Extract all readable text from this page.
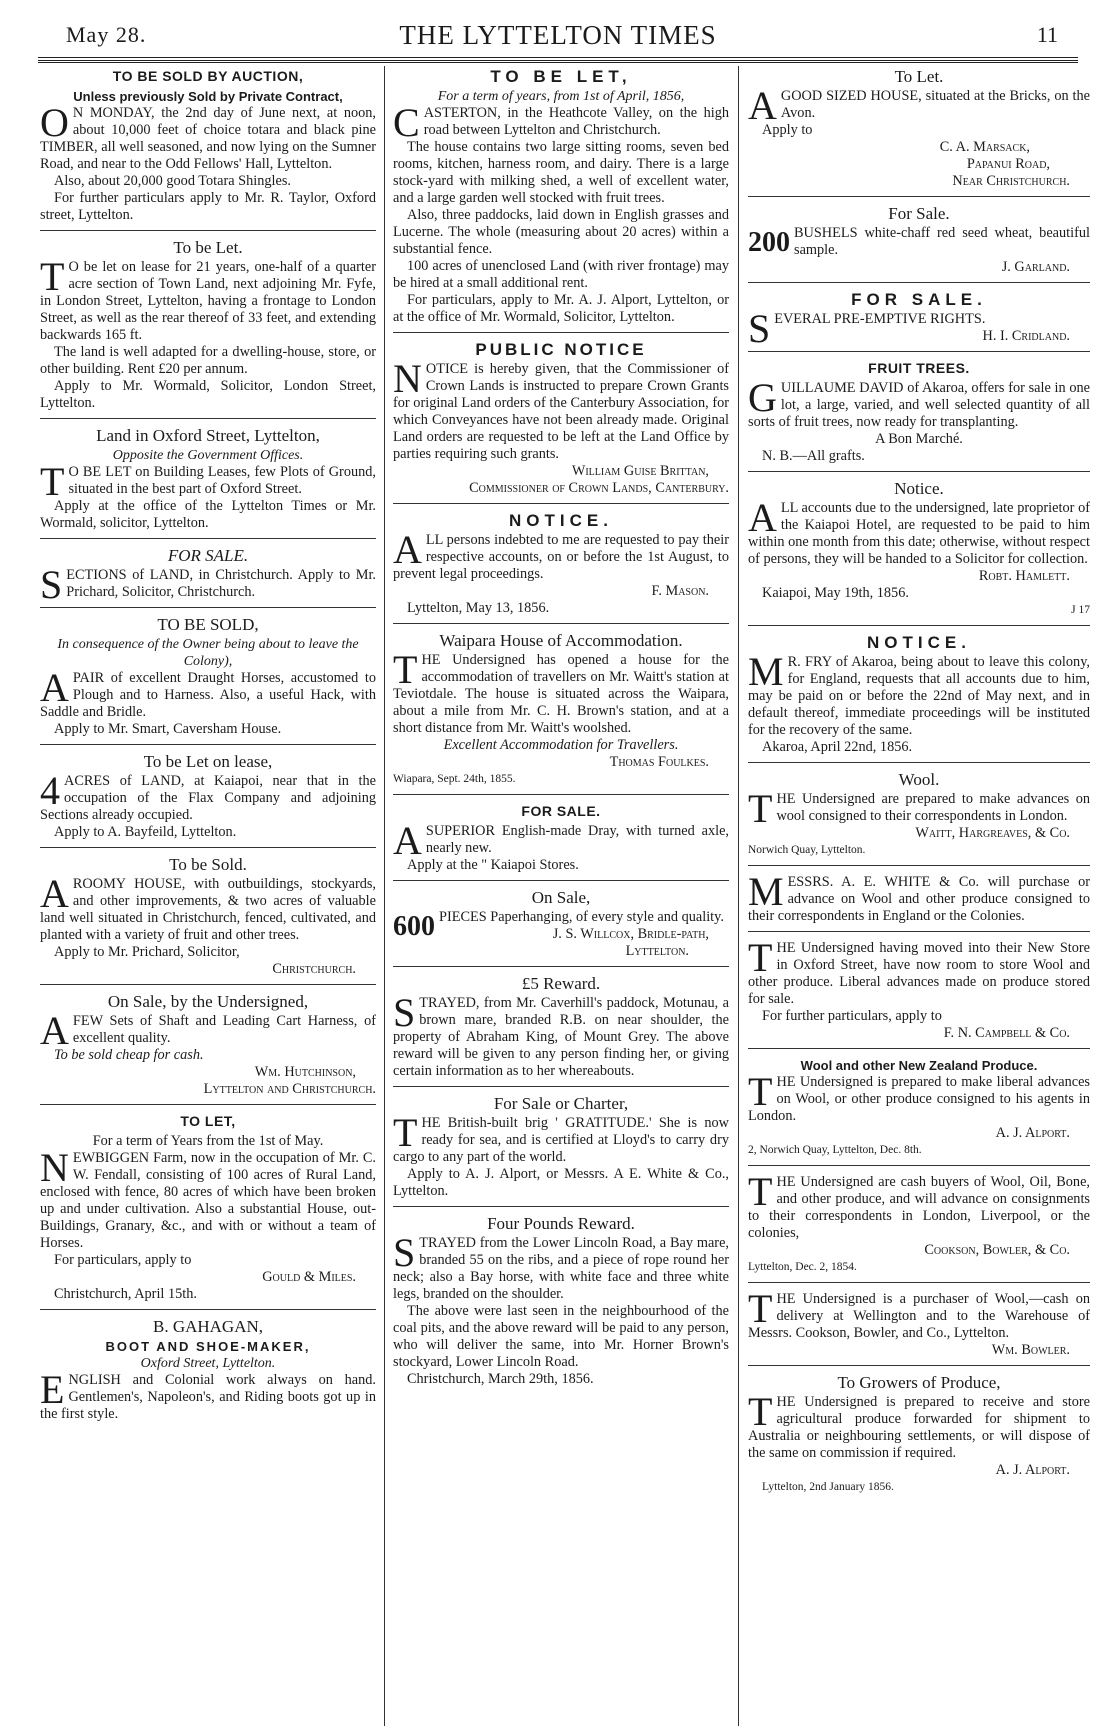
May 28.	THE LYTTELTON TIMES	11
TO BE SOLD BY AUCTION,
Unless previously Sold by Private Contract,

O N MONDAY, the 2nd day of June next, at noon, about 10,000 feet of choice totara and black pine TIMBER, all well seasoned, and now lying on the Sumner Road, and near to the Odd Fellows' Hall, Lyttelton.

Also, about 20,000 good Totara Shingles.

For further particulars apply to Mr. R. Taylor, Oxford street, Lyttelton.

To be Let.

T O be let on lease for 21 years, one-half of a quarter acre section of Town Land, next adjoining Mr. Fyfe, in London Street, Lyttelton, having a frontage to London Street, as well as the rear thereof of 33 feet, and extending backwards 165 ft.

The land is well adapted for a dwelling-house, store, or other building. Rent £20 per annum.

Apply to Mr. Wormald, Solicitor, London Street, Lyttelton.

Land in Oxford Street, Lyttelton,
Opposite the Government Offices.

T O BE LET on Building Leases, few Plots of Ground, situated in the best part of Oxford Street.

Apply at the office of the Lyttelton Times or Mr. Wormald, solicitor, Lyttelton.

FOR SALE.

SECTIONS of LAND, in Christchurch. Apply to Mr. Prichard, Solicitor, Christchurch.

TO BE SOLD,
In consequence of the Owner being about to leave the Colony),

APAIR of excellent Draught Horses, accustomed to Plough and to Harness. Also, a useful Hack, with Saddle and Bridle.

Apply to Mr. Smart, Caversham House.

To be Let on lease,

4 ACRES of LAND, at Kaiapoi, near that in the occupation of the Flax Company and adjoining Sections already occupied.

Apply to A. Bayfeild, Lyttelton.

To be Sold.

AROOMY HOUSE, with outbuildings, stockyards, and other improvements, & two acres of valuable land well situated in Christchurch, fenced, cultivated, and planted with a variety of fruit and other trees.

Apply to Mr. Prichard, Solicitor,

Christchurch.

On Sale, by the Undersigned,

AFEW Sets of Shaft and Leading Cart Harness, of excellent quality.

To be sold cheap for cash.

Wm. Hutchinson,

Lyttelton and Christchurch.

TO LET,
For a term of Years from the 1st of May.

NEWBIGGEN Farm, now in the occupation of Mr. C. W. Fendall, consisting of 100 acres of Rural Land, enclosed with fence, 80 acres of which have been broken up and under cultivation. Also a substantial House, out-Buildings, Granary, &c., and with or without a team of Horses.

For particulars, apply to

Gould & Miles.

Christchurch, April 15th.

B. GAHAGAN,
BOOT AND SHOE-MAKER,
Oxford Street, Lyttelton.

ENGLISH and Colonial work always on hand. Gentlemen's, Napoleon's, and Riding boots got up in the first style.

TO BE LET,
For a term of years, from 1st of April, 1856,

CASTERTON, in the Heathcote Valley, on the high road between Lyttelton and Christchurch.

The house contains two large sitting rooms, seven bed rooms, kitchen, harness room, and dairy. There is a large stock-yard with milking shed, a well of excellent water, and a large garden well stocked with fruit trees.

Also, three paddocks, laid down in English grasses and Lucerne. The whole (measuring about 20 acres) within a substantial fence.

100 acres of unenclosed Land (with river frontage) may be hired at a small additional rent.

For particulars, apply to Mr. A. J. Alport, Lyttelton, or at the office of Mr. Wormald, Solicitor, Lyttelton.

PUBLIC NOTICE

NOTICE is hereby given, that the Commissioner of Crown Lands is instructed to prepare Crown Grants for original Land orders of the Canterbury Association, for which Conveyances have not been already made. Original Land orders are requested to be left at the Land Office by parties requiring such grants.

William Guise Brittan,

Commissioner of Crown Lands, Canterbury.

NOTICE.

ALL persons indebted to me are requested to pay their respective accounts, on or before the 1st August, to prevent legal proceedings.

F. Mason.

Lyttelton, May 13, 1856.

Waipara House of Accommodation.

THE Undersigned has opened a house for the accommodation of travellers on Mr. Waitt's station at Teviotdale. The house is situated across the Waipara, about a mile from Mr. C. H. Brown's station, and at a short distance from Mr. Waitt's woolshed.

Excellent Accommodation for Travellers.

Thomas Foulkes.

Wiapara, Sept. 24th, 1855.

FOR SALE.

ASUPERIOR English-made Dray, with turned axle, nearly new.

Apply at the " Kaiapoi Stores.

On Sale,

600 PIECES Paperhanging, of every style and quality.

J. S. Willcox, Bridle-path,

Lyttelton.

£5 Reward.

STRAYED, from Mr. Caverhill's paddock, Motunau, a brown mare, branded R.B. on near shoulder, the property of Abraham King, of Mount Grey. The above reward will be given to any person finding her, or giving certain information as to her whereabouts.

For Sale or Charter,

THE British-built brig ' GRATITUDE.' She is now ready for sea, and is certified at Lloyd's to carry dry cargo to any part of the world.

Apply to A. J. Alport, or Messrs. A E. White & Co., Lyttelton.

Four Pounds Reward.

STRAYED from the Lower Lincoln Road, a Bay mare, branded 55 on the ribs, and a piece of rope round her neck; also a Bay horse, with white face and three white legs, branded on the shoulder.

The above were last seen in the neighbourhood of the coal pits, and the above reward will be paid to any person, who will deliver the same, into Mr. Horner Brown's stockyard, Lower Lincoln Road.

Christchurch, March 29th, 1856.

To Let.

AGOOD SIZED HOUSE, situated at the Bricks, on the Avon.

Apply to

C. A. Marsack,

Papanui Road,

Near Christchurch.

For Sale.

200 BUSHELS white-chaff red seed wheat, beautiful sample.

J. Garland.

FOR SALE.

SEVERAL PRE-EMPTIVE RIGHTS.

H. I. Cridland.

FRUIT TREES.

GUILLAUME DAVID of Akaroa, offers for sale in one lot, a large, varied, and well selected quantity of all sorts of fruit trees, now ready for transplanting.

A Bon Marché.

N. B.—All grafts.

Notice.

ALL accounts due to the undersigned, late proprietor of the Kaiapoi Hotel, are requested to be paid to him within one month from this date; otherwise, without respect of persons, they will be handed to a Solicitor for collection.

Robt. Hamlett.

Kaiapoi, May 19th, 1856.

J 17

NOTICE.

M R. FRY of Akaroa, being about to leave this colony, for England, requests that all accounts due to him, may be paid on or before the 22nd of May next, and in default thereof, immediate proceedings will be instituted for the recovery of the same.

Akaroa, April 22nd, 1856.

Wool.

THE Undersigned are prepared to make advances on wool consigned to their correspondents in London.

Waitt, Hargreaves, & Co.

Norwich Quay, Lyttelton.

MESSRS. A. E. WHITE & Co. will purchase or advance on Wool and other produce consigned to their correspondents in England or the Colonies.

THE Undersigned having moved into their New Store in Oxford Street, have now room to store Wool and other produce. Liberal advances made on produce stored for sale.

For further particulars, apply to

F. N. Campbell & Co.

Wool and other New Zealand Produce.

THE Undersigned is prepared to make liberal advances on Wool, or other produce consigned to his agents in London.

A. J. Alport.

2, Norwich Quay, Lyttelton, Dec. 8th.

THE Undersigned are cash buyers of Wool, Oil, Bone, and other produce, and will advance on consignments to their correspondents in London, Liverpool, or the colonies,

Cookson, Bowler, & Co.

Lyttelton, Dec. 2, 1854.

THE Undersigned is a purchaser of Wool,—cash on delivery at Wellington and to the Warehouse of Messrs. Cookson, Bowler, and Co., Lyttelton.

Wm. Bowler.

To Growers of Produce,

THE Undersigned is prepared to receive and store agricultural produce forwarded for shipment to Australia or neighbouring settlements, or will dispose of the same on commission if required.

A. J. Alport.

Lyttelton, 2nd January 1856.
